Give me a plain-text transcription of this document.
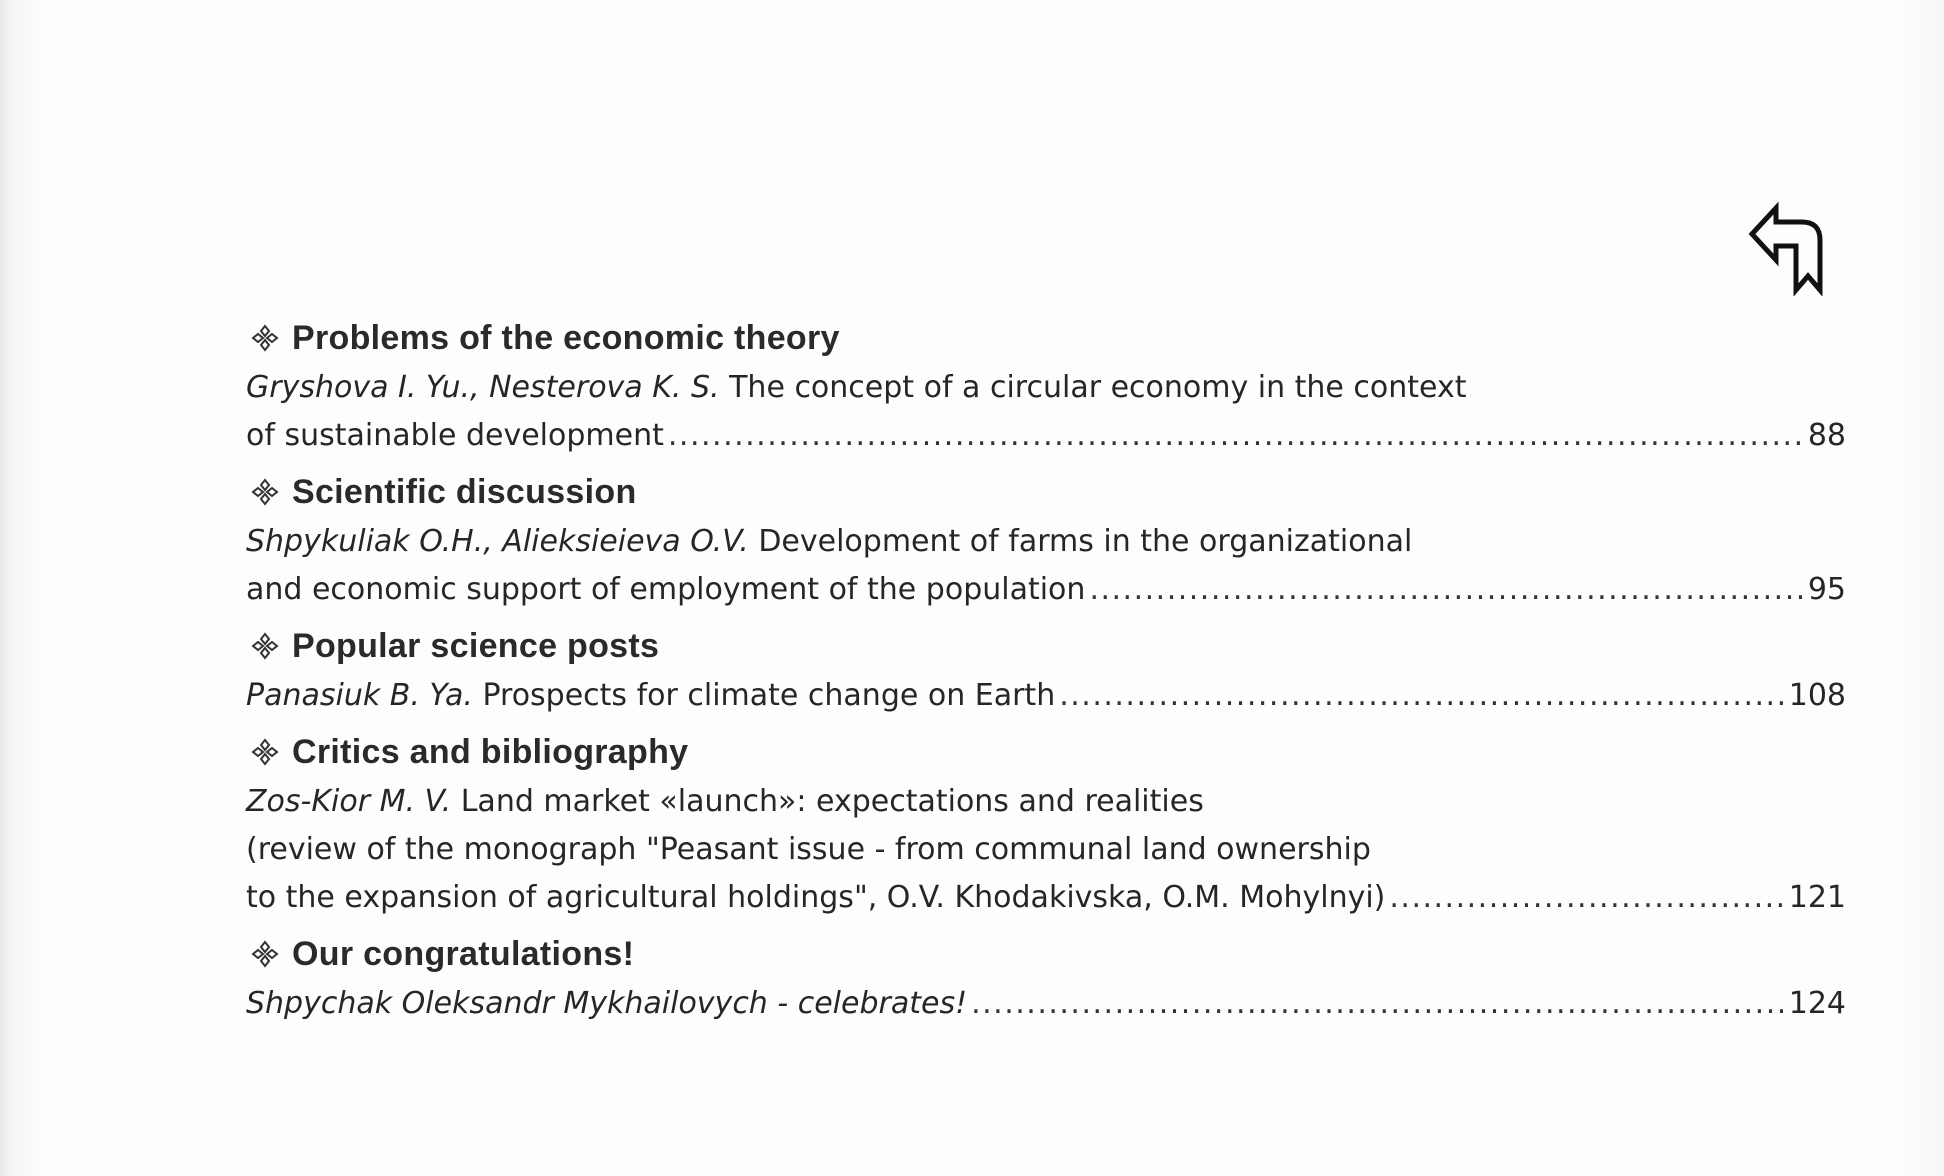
Problems of the economic theory
Gryshova I. Yu., Nesterova K. S. The concept of a circular economy in the context
of sustainable development .....	88
Scientific discussion
Shpykuliak O.H., Alieksieieva O.V. Development of farms in the organizational
and economic support of employment of the population .....	95
Popular science posts
Panasiuk B. Ya.
Prospects for climate change on Earth .....	108
Critics and bibliography
Zos-Kior M. V. Land market «launch»: expectations and realities
(review of the monograph "Peasant issue - from communal land ownership
to the expansion of agricultural holdings", O.V. Khodakivska, O.M. Mohylnyi) .....	121
Our congratulations!
Shpychak Oleksandr Mykhailovych - celebrates! .....	124
